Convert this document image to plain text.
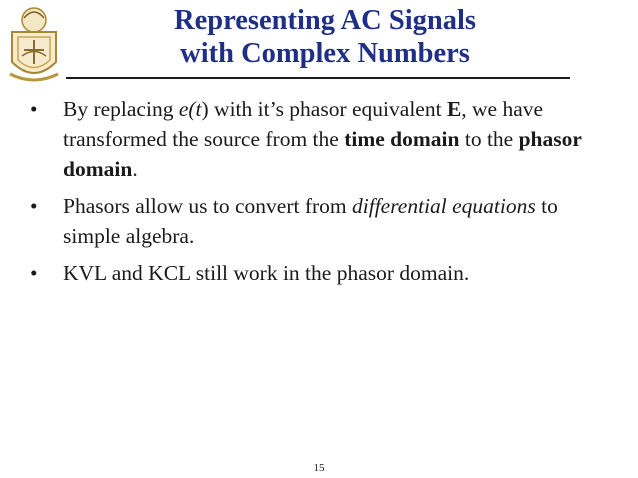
Representing AC Signals
with Complex Numbers
•	By replacing e(t) with it’s phasor equivalent E, we have transformed the source from the time domain to the phasor domain.
•	Phasors allow us to convert from differential equations to simple algebra.
•	KVL and KCL still work in the phasor domain.
15
